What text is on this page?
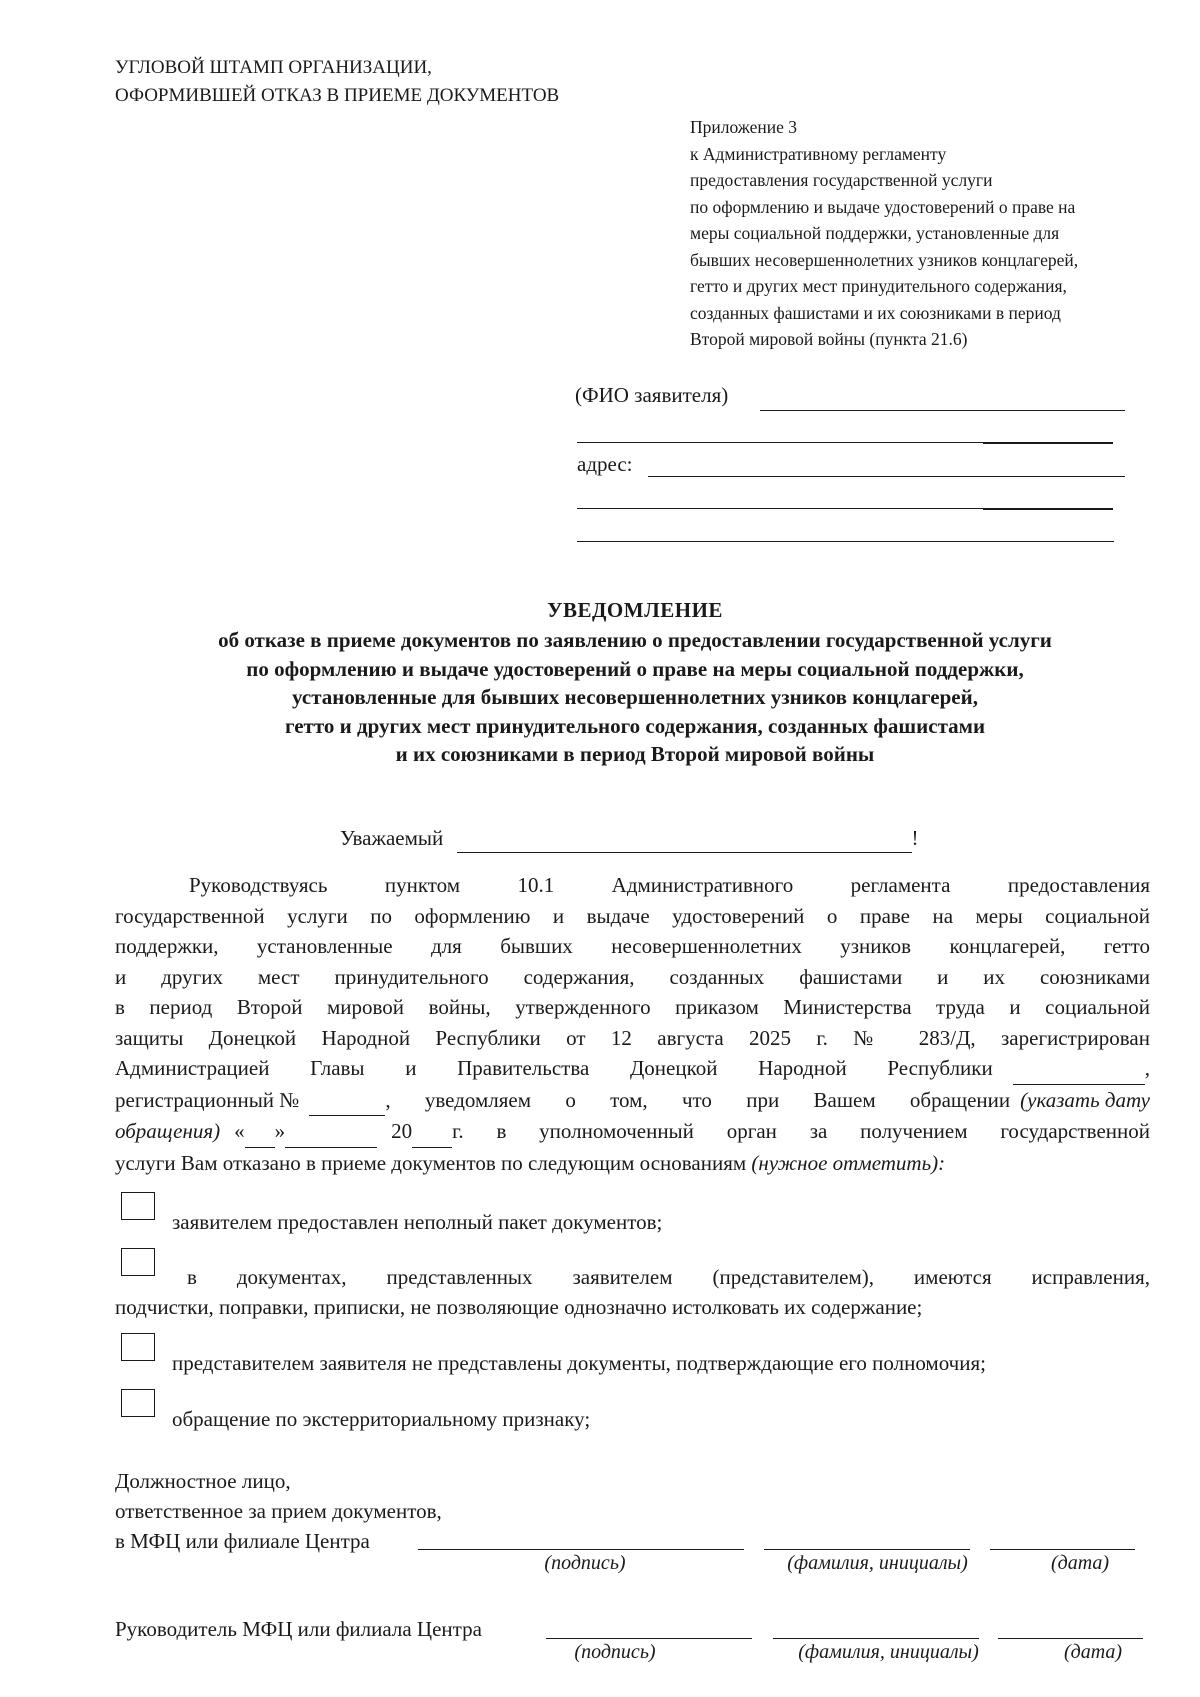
УГЛОВОЙ ШТАМП ОРГАНИЗАЦИИ,
ОФОРМИВШЕЙ ОТКАЗ В ПРИЕМЕ ДОКУМЕНТОВ
Приложение 3
к Административному регламенту
предоставления государственной услуги
по оформлению и выдаче удостоверений о праве на
меры социальной поддержки, установленные для
бывших несовершеннолетних узников концлагерей,
гетто и других мест принудительного содержания,
созданных фашистами и их союзниками в период
Второй мировой войны (пункта 21.6)
(ФИО заявителя)
адрес:
УВЕДОМЛЕНИЕ
об отказе в приеме документов по заявлению о предоставлении государственной услуги
по оформлению и выдаче удостоверений о праве на меры социальной поддержки,
установленные для бывших несовершеннолетних узников концлагерей,
гетто и других мест принудительного содержания, созданных фашистами
и их союзниками в период Второй мировой войны
Уважаемый	!
Руководствуясь пунктом 10.1 Административного регламента предоставления
государственной услуги по оформлению и выдаче удостоверений о праве на меры социальной
поддержки, установленные для бывших несовершеннолетних узников концлагерей, гетто
и других мест принудительного содержания, созданных фашистами и их союзниками
в период Второй мировой войны, утвержденного приказом Министерства труда и социальной
защиты Донецкой Народной Республики от 12 августа 2025 г. № 283/Д, зарегистрирован
Администрацией Главы и Правительства Донецкой Народной Республики	,
регистрационный №
	, уведомляем о том, что при Вашем обращении (указать дату
обращения) «
»
	20
г. в уполномоченный орган за получением государственной
услуги Вам отказано в приеме документов по следующим основаниям (нужное отметить):
заявителем предоставлен неполный пакет документов;
в документах, представленных заявителем (представителем), имеются исправления,
подчистки, поправки, приписки, не позволяющие однозначно истолковать их содержание;
представителем заявителя не представлены документы, подтверждающие его полномочия;
обращение по экстерриториальному признаку;
Должностное лицо,
ответственное за прием документов,
в МФЦ или филиале Центра
(подпись)	(фамилия, инициалы)	(дата)
Руководитель МФЦ или филиала Центра
(подпись)	(фамилия, инициалы)	(дата)
